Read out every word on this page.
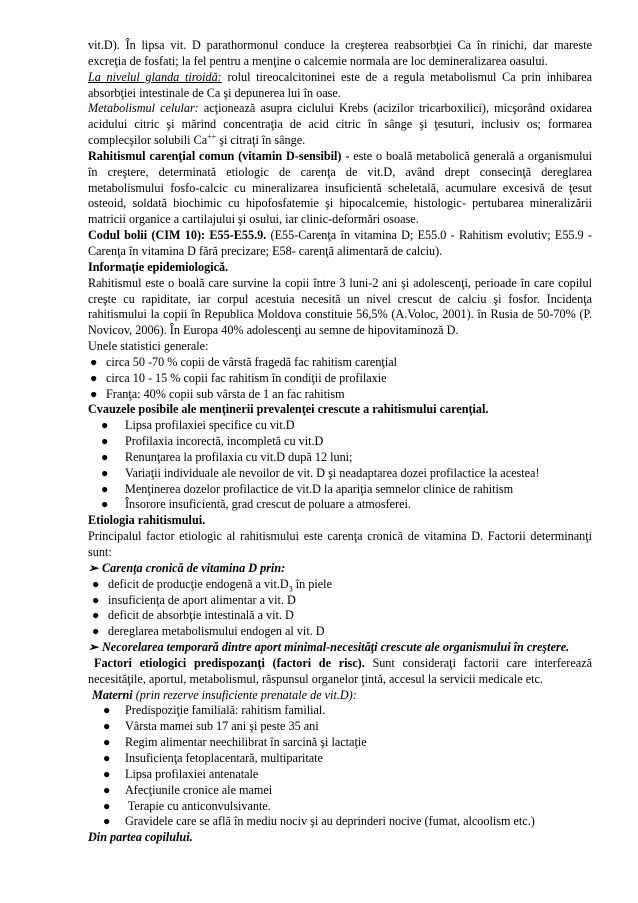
vit.D). În lipsa vit. D parathormonul conduce la creşterea reabsorbţiei Ca în rinichi, dar mareste excreţia de fosfati; la fel pentru a menţine o calcemie normala are loc demineralizarea oasului.

La nivelul glanda tiroidă: rolul tireocalcitoninei este de a regula metabolismul Ca prin inhibarea absorbţiei intestinale de Ca şi depunerea lui în oase.

Metabolismul celular: acţionează asupra ciclului Krebs (acizilor tricarboxilici), micşorând oxidarea acidului citric şi mărind concentraţia de acid citric în sânge şi ţesuturi, inclusiv os; formarea complecşilor solubili Ca++ şi citraţi în sânge.

Rahitismul carenţial comun (vitamin D-sensibil) - este o boală metabolică generală a organismului în creştere, determinată etiologic de carenţa de vit.D, având drept consecinţă dereglarea metabolismului fosfo-calcic cu mineralizarea insuficientă scheletală, acumulare excesivă de ţesut osteoid, soldată biochimic cu hipofosfatemie şi hipocalcemie, histologic- pertubarea mineralizării matricii organice a cartilajului şi osului, iar clinic-deformări osoase.

Codul bolii (CIM 10): E55-E55.9. (E55-Carenţa în vitamina D; E55.0 - Rahitism evolutiv; E55.9 - Carenţa în vitamina D fără precizare; E58- carenţă alimentară de calciu).

Informaţie epidemiologică.

Rahitismul este o boală care survine la copii între 3 luni-2 ani şi adolescenţi, perioade în care copilul creşte cu rapiditate, iar corpul acestuia necesită un nivel crescut de calciu şi fosfor. Incidenţa rahitismului la copii în Republica Moldova constituie 56,5% (A.Voloc, 2001). în Rusia de 50-70% (P. Novicov, 2006). În Europa 40% adolescenţi au semne de hipovitaminoză D.

Unele statistici generale:

● circa 50 -70 % copii de vârstă fragedă fac rahitism carenţial
● circa 10 - 15 % copii fac rahitism în condiţii de profilaxie
● Franţa: 40% copii sub vârsta de 1 an fac rahitism

Cvauzele posibile ale menţinerii prevalenţei crescute a rahitismului carenţial.

● Lipsa profilaxiei specifice cu vit.D
● Profilaxia incorectă, incompletă cu vit.D
● Renunţarea la profilaxia cu vit.D după 12 luni;
● Variaţii individuale ale nevoilor de vit. D şi neadaptarea dozei profilactice la acestea!
● Menţinerea dozelor profilactice de vit.D la apariţia semnelor clinice de rahitism
● Însorore insuficientă, grad crescut de poluare a atmosferei.

Etiologia rahitismului.

Principalul factor etiologic al rahitismului este carenţa cronică de vitamina D. Factorii determinanţi sunt:

➢ Carenţa cronică de vitamina D prin:
● deficit de producţie endogenă a $vit.D_3$ în piele
● insuficienţa de aport alimentar a vit. D
● deficit de absorbţie intestinală a vit. D
● dereglarea metabolismului endogen al vit. D
➢ Necorelarea temporară dintre aport minimal-necesităţi crescute ale organismului în creştere.

Factori etiologici predispozanţi (factori de risc). Sunt consideraţi factorii care interferează necesităţile, aportul, metabolismul, răspunsul organelor ţintă, accesul la servicii medicale etc.

Materni (prin rezerve insuficiente prenatale de vit.D):

● Predispoziţie familială: rahitism familial.
● Vârsta mamei sub 17 ani şi peste 35 ani
● Regim alimentar neechilibrat în sarcină şi lactaţie
● Insuficienţa fetoplacentară, multiparitate
● Lipsa profilaxiei antenatale
● Afecţiunile cronice ale mamei
● Terapie cu anticonvulsivante.
● Gravidele care se află în mediu nociv şi au deprinderi nocive (fumat, alcoolism etc.)

Din partea copilului.
